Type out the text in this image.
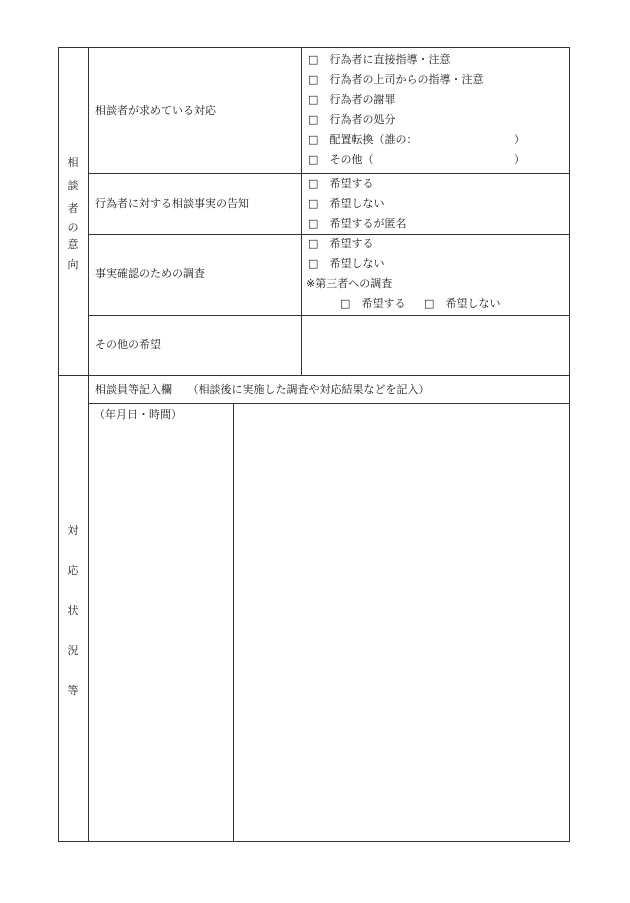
相
談
者
の
意
向
相談者が求めている対応
□ 行為者に直接指導・注意
□ 行為者の上司からの指導・注意
□ 行為者の謝罪
□ 行為者の処分
□ 配置転換（誰の：	）
□ その他（	）
行為者に対する相談事実の告知
□ 希望する
□ 希望しない
□ 希望するが匿名
事実確認のための調査
□ 希望する
□ 希望しない
※第三者への調査
□ 希望する □ 希望しない
その他の希望
対
応
状
況
等
相談員等記入欄 （相談後に実施した調査や対応結果などを記入）
（年月日・時間）
